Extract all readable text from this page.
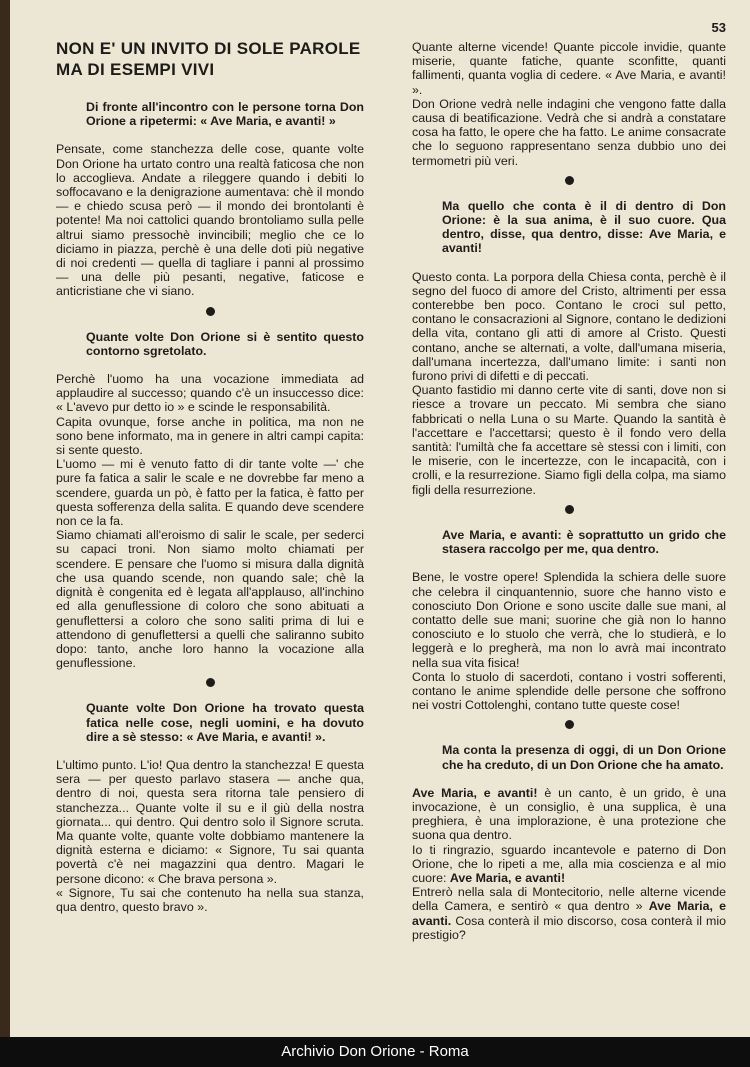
53
NON E' UN INVITO DI SOLE PAROLE
MA DI ESEMPI VIVI
Di fronte all'incontro con le persone torna Don Orione a ripetermi: « Ave Maria, e avanti! »

Pensate, come stanchezza delle cose, quante volte Don Orione ha urtato contro una realtà faticosa che non lo accoglieva. Andate a rileggere quando i debiti lo soffocavano e la denigrazione aumentava: chè il mondo — e chiedo scusa però — il mondo dei brontolanti è potente! Ma noi cattolici quando brontoliamo sulla pelle altrui siamo pressochè invincibili; meglio che ce lo diciamo in piazza, perchè è una delle doti più negative di noi credenti — quella di tagliare i panni al prossimo — una delle più pesanti, negative, faticose e anticristiane che vi siano.

Quante volte Don Orione si è sentito questo contorno sgretolato.

Perchè l'uomo ha una vocazione immediata ad applaudire al successo; quando c'è un insuccesso dice: « L'avevo pur detto io » e scinde le responsabilità.

Capita ovunque, forse anche in politica, ma non ne sono bene informato, ma in genere in altri campi capita: si sente questo.

L'uomo — mi è venuto fatto di dir tante volte —' che pure fa fatica a salir le scale e ne dovrebbe far meno a scendere, guarda un pò, è fatto per la fatica, è fatto per questa sofferenza della salita. E quando deve scendere non ce la fa.

Siamo chiamati all'eroismo di salir le scale, per sederci su capaci troni. Non siamo molto chiamati per scendere. E pensare che l'uomo si misura dalla dignità che usa quando scende, non quando sale; chè la dignità è congenita ed è legata all'applauso, all'inchino ed alla genuflessione di coloro che sono abituati a genuflettersi a coloro che sono saliti prima di lui e attendono di genuflettersi a quelli che saliranno subito dopo: tanto, anche loro hanno la vocazione alla genuflessione.

Quante volte Don Orione ha trovato questa fatica nelle cose, negli uomini, e ha dovuto dire a sè stesso: « Ave Maria, e avanti! ».

L'ultimo punto. L'io! Qua dentro la stanchezza! E questa sera — per questo parlavo stasera — anche qua, dentro di noi, questa sera ritorna tale pensiero di stanchezza... Quante volte il su e il giù della nostra giornata... qui dentro. Qui dentro solo il Signore scruta. Ma quante volte, quante volte dobbiamo mantenere la dignità esterna e diciamo: « Signore, Tu sai quanta povertà c'è nei magazzini qua dentro. Magari le persone dicono: « Che brava persona ».

« Signore, Tu sai che contenuto ha nella sua stanza, qua dentro, questo bravo ».

Quante alterne vicende! Quante piccole invidie, quante miserie, quante fatiche, quante sconfitte, quanti fallimenti, quanta voglia di cedere. « Ave Maria, e avanti! ».

Don Orione vedrà nelle indagini che vengono fatte dalla causa di beatificazione. Vedrà che si andrà a constatare cosa ha fatto, le opere che ha fatto. Le anime consacrate che lo seguono rappresentano senza dubbio uno dei termometri più veri.

Ma quello che conta è il di dentro di Don Orione: è la sua anima, è il suo cuore. Qua dentro, disse, qua dentro, disse: Ave Maria, e avanti!

Questo conta. La porpora della Chiesa conta, perchè è il segno del fuoco di amore del Cristo, altrimenti per essa conterebbe ben poco. Contano le croci sul petto, contano le consacrazioni al Signore, contano le dedizioni della vita, contano gli atti di amore al Cristo. Questi contano, anche se alternati, a volte, dall'umana miseria, dall'umana incertezza, dall'umano limite: i santi non furono privi di difetti e di peccati.

Quanto fastidio mi danno certe vite di santi, dove non si riesce a trovare un peccato. Mi sembra che siano fabbricati o nella Luna o su Marte. Quando la santità è l'accettare e l'accettarsi; questo è il fondo vero della santità: l'umiltà che fa accettare sè stessi con i limiti, con le miserie, con le incertezze, con le incapacità, con i crolli, e la resurrezione. Siamo figli della colpa, ma siamo figli della resurrezione.

Ave Maria, e avanti: è soprattutto un grido che stasera raccolgo per me, qua dentro.

Bene, le vostre opere! Splendida la schiera delle suore che celebra il cinquantennio, suore che hanno visto e conosciuto Don Orione e sono uscite dalle sue mani, al contatto delle sue mani; suorine che già non lo hanno conosciuto e lo stuolo che verrà, che lo studierà, e lo leggerà e lo pregherà, ma non lo avrà mai incontrato nella sua vita fisica!

Conta lo stuolo di sacerdoti, contano i vostri sofferenti, contano le anime splendide delle persone che soffrono nei vostri Cottolenghi, contano tutte queste cose!

Ma conta la presenza di oggi, di un Don Orione che ha creduto, di un Don Orione che ha amato.

Ave Maria, e avanti! è un canto, è un grido, è una invocazione, è un consiglio, è una supplica, è una preghiera, è una implorazione, è una protezione che suona qua dentro.

Io ti ringrazio, sguardo incantevole e paterno di Don Orione, che lo ripeti a me, alla mia coscienza e al mio cuore: Ave Maria, e avanti!

Entrerò nella sala di Montecitorio, nelle alterne vicende della Camera, e sentirò « qua dentro » Ave Maria, e avanti. Cosa conterà il mio discorso, cosa conterà il mio prestigio?

Archivio Don Orione - Roma
